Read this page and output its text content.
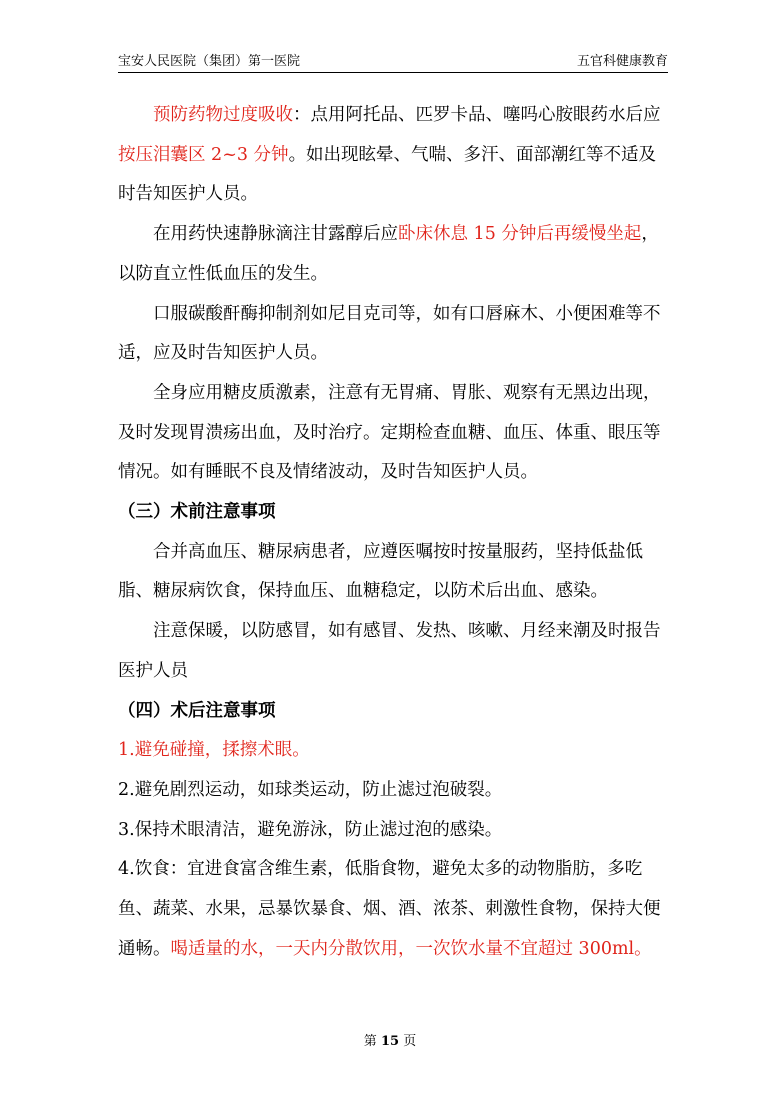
宝安人民医院（集团）第一医院	五官科健康教育

预防药物过度吸收：点用阿托品、匹罗卡品、噻吗心胺眼药水后应按压泪囊区 2~3 分钟。如出现眩晕、气喘、多汗、面部潮红等不适及时告知医护人员。

在用药快速静脉滴注甘露醇后应卧床休息 15 分钟后再缓慢坐起，以防直立性低血压的发生。

口服碳酸酐酶抑制剂如尼目克司等，如有口唇麻木、小便困难等不适，应及时告知医护人员。

全身应用糖皮质激素，注意有无胃痛、胃胀、观察有无黑边出现，及时发现胃溃疡出血，及时治疗。定期检查血糖、血压、体重、眼压等情况。如有睡眠不良及情绪波动，及时告知医护人员。

（三）术前注意事项

合并高血压、糖尿病患者，应遵医嘱按时按量服药，坚持低盐低脂、糖尿病饮食，保持血压、血糖稳定，以防术后出血、感染。

注意保暖，以防感冒，如有感冒、发热、咳嗽、月经来潮及时报告医护人员

（四）术后注意事项

1.避免碰撞，揉擦术眼。

2.避免剧烈运动，如球类运动，防止滤过泡破裂。

3.保持术眼清洁，避免游泳，防止滤过泡的感染。

4.饮食：宜进食富含维生素，低脂食物，避免太多的动物脂肪，多吃鱼、蔬菜、水果，忌暴饮暴食、烟、酒、浓茶、刺激性食物，保持大便通畅。喝适量的水，一天内分散饮用，一次饮水量不宜超过 300ml。

第 15 页
